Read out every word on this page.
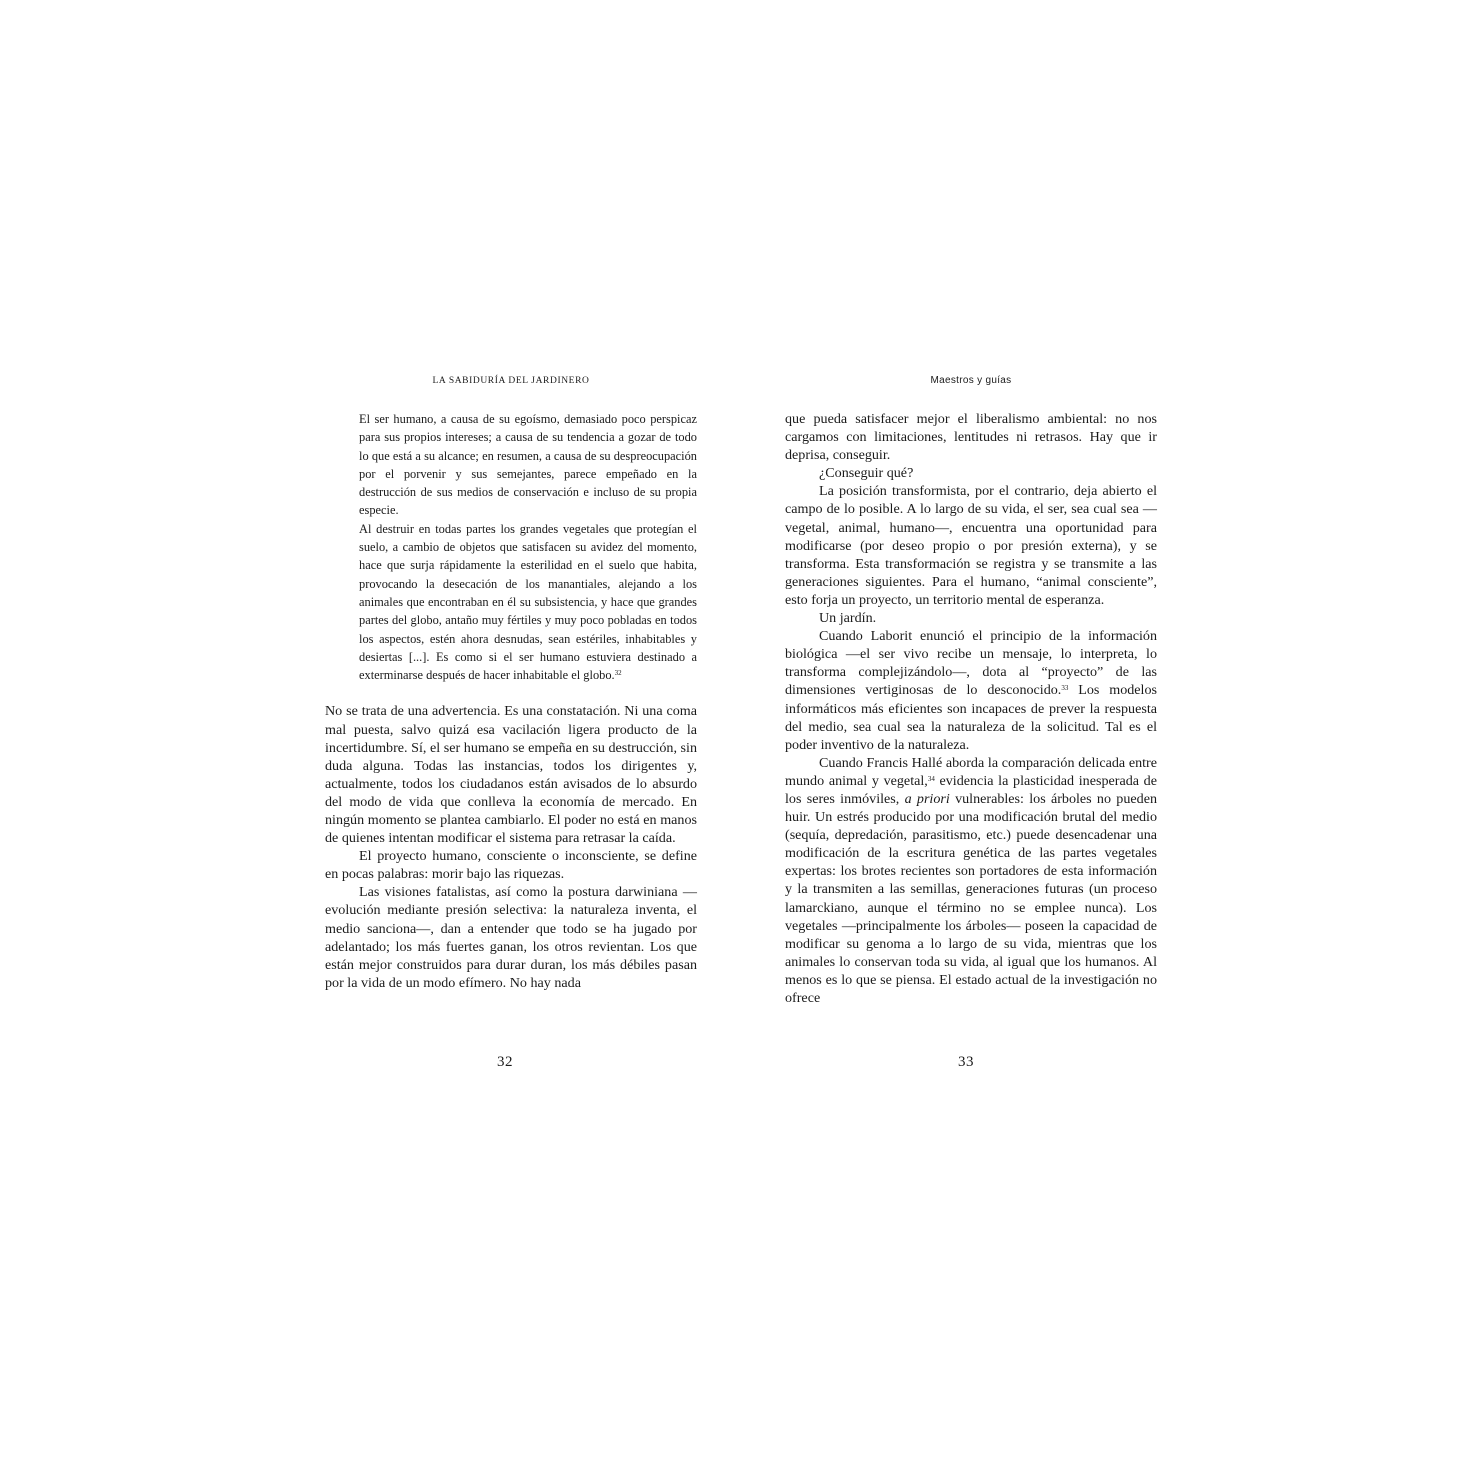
LA SABIDURÍA DEL JARDINERO

El ser humano, a causa de su egoísmo, demasiado poco perspicaz para sus propios intereses; a causa de su tendencia a gozar de todo lo que está a su alcance; en resumen, a causa de su despreocupación por el porvenir y sus semejantes, parece empeñado en la destrucción de sus medios de conservación e incluso de su propia especie.

Al destruir en todas partes los grandes vegetales que protegían el suelo, a cambio de objetos que satisfacen su avidez del momento, hace que surja rápidamente la esterilidad en el suelo que habita, provocando la desecación de los manantiales, alejando a los animales que encontraban en él su subsistencia, y hace que grandes partes del globo, antaño muy fértiles y muy poco pobladas en todos los aspectos, estén ahora desnudas, sean estériles, inhabitables y desiertas [...]. Es como si el ser humano estuviera destinado a exterminarse después de hacer inhabitable el globo.$^{32}$

No se trata de una advertencia. Es una constatación. Ni una coma mal puesta, salvo quizá esa vacilación ligera producto de la incertidumbre. Sí, el ser humano se empeña en su destrucción, sin duda alguna. Todas las instancias, todos los dirigentes y, actualmente, todos los ciudadanos están avisados de lo absurdo del modo de vida que conlleva la economía de mercado. En ningún momento se plantea cambiarlo. El poder no está en manos de quienes intentan modificar el sistema para retrasar la caída.

El proyecto humano, consciente o inconsciente, se define en pocas palabras: morir bajo las riquezas.

Las visiones fatalistas, así como la postura darwiniana —evolución mediante presión selectiva: la naturaleza inventa, el medio sanciona—, dan a entender que todo se ha jugado por adelantado; los más fuertes ganan, los otros revientan. Los que están mejor construidos para durar duran, los más débiles pasan por la vida de un modo efímero. No hay nada

Maestros y guías

que pueda satisfacer mejor el liberalismo ambiental: no nos cargamos con limitaciones, lentitudes ni retrasos. Hay que ir deprisa, conseguir.

¿Conseguir qué?

La posición transformista, por el contrario, deja abierto el campo de lo posible. A lo largo de su vida, el ser, sea cual sea —vegetal, animal, humano—, encuentra una oportunidad para modificarse (por deseo propio o por presión externa), y se transforma. Esta transformación se registra y se transmite a las generaciones siguientes. Para el humano, “animal consciente”, esto forja un proyecto, un territorio mental de esperanza.

Un jardín.

Cuando Laborit enunció el principio de la información biológica —el ser vivo recibe un mensaje, lo interpreta, lo transforma complejizándolo—, dota al “proyecto” de las dimensiones vertiginosas de lo desconocido.$^{33}$ Los modelos informáticos más eficientes son incapaces de prever la respuesta del medio, sea cual sea la naturaleza de la solicitud. Tal es el poder inventivo de la naturaleza.

Cuando Francis Hallé aborda la comparación delicada entre mundo animal y vegetal,$^{34}$ evidencia la plasticidad inesperada de los seres inmóviles, a priori vulnerables: los árboles no pueden huir. Un estrés producido por una modificación brutal del medio (sequía, depredación, parasitismo, etc.) puede desencadenar una modificación de la escritura genética de las partes vegetales expertas: los brotes recientes son portadores de esta información y la transmiten a las semillas, generaciones futuras (un proceso lamarckiano, aunque el término no se emplee nunca). Los vegetales —principalmente los árboles— poseen la capacidad de modificar su genoma a lo largo de su vida, mientras que los animales lo conservan toda su vida, al igual que los humanos. Al menos es lo que se piensa. El estado actual de la investigación no ofrece

32	33
